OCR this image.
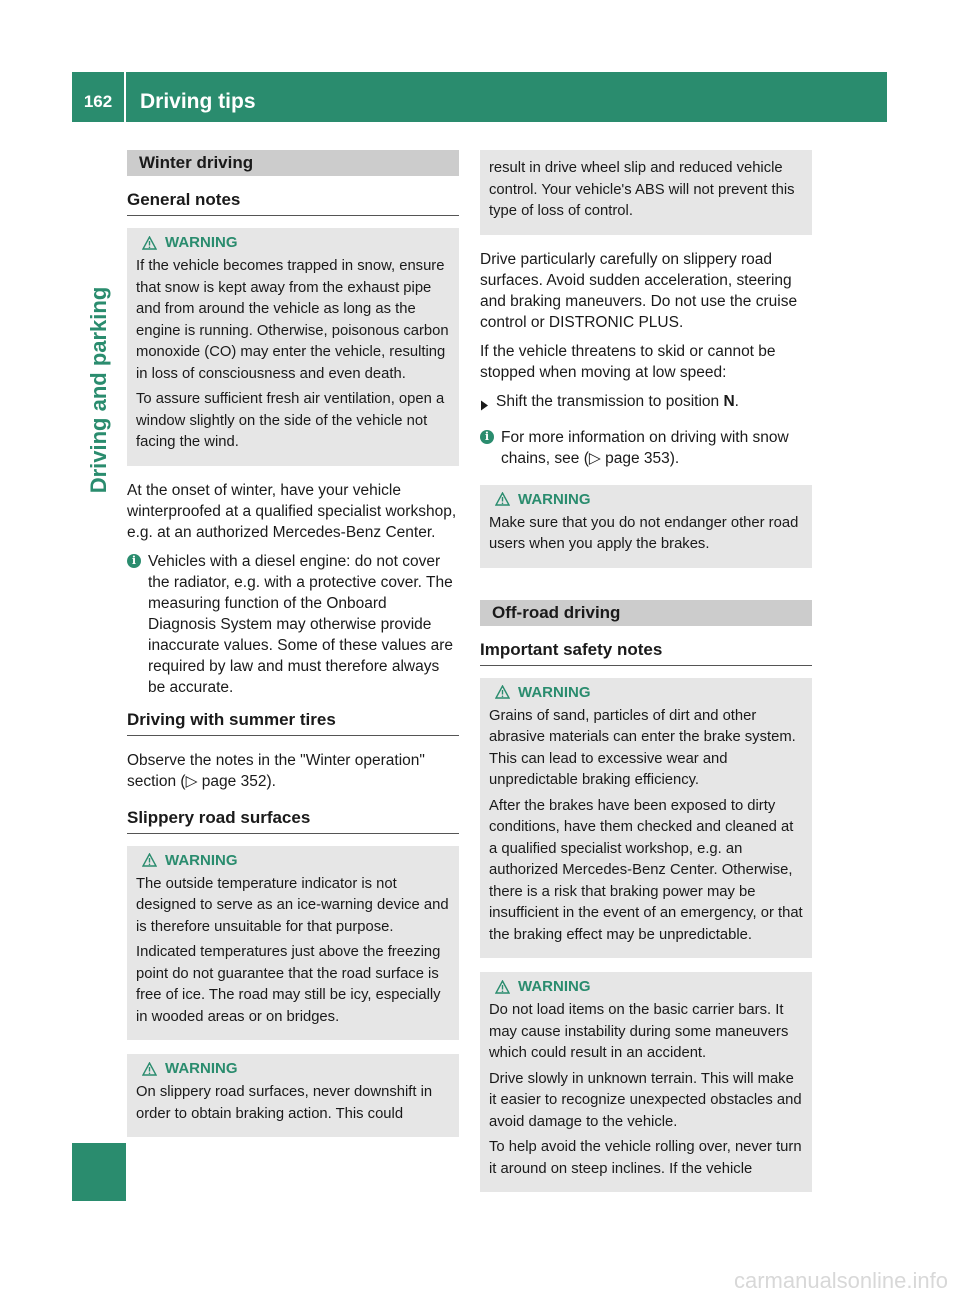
162	Driving tips
Driving and parking
Winter driving
General notes
WARNING

If the vehicle becomes trapped in snow, ensure that snow is kept away from the exhaust pipe and from around the vehicle as long as the engine is running. Otherwise, poisonous carbon monoxide (CO) may enter the vehicle, resulting in loss of consciousness and even death.

To assure sufficient fresh air ventilation, open a window slightly on the side of the vehicle not facing the wind.

At the onset of winter, have your vehicle winterproofed at a qualified specialist workshop, e.g. at an authorized Mercedes-Benz Center.

i Vehicles with a diesel engine: do not cover the radiator, e.g. with a protective cover. The measuring function of the Onboard Diagnosis System may otherwise provide inaccurate values. Some of these values are required by law and must therefore always be accurate.
Driving with summer tires

Observe the notes in the "Winter operation" section (▷ page 352).

Slippery road surfaces
WARNING

The outside temperature indicator is not designed to serve as an ice-warning device and is therefore unsuitable for that purpose.

Indicated temperatures just above the freezing point do not guarantee that the road surface is free of ice. The road may still be icy, especially in wooded areas or on bridges.

WARNING

On slippery road surfaces, never downshift in order to obtain braking action. This could

result in drive wheel slip and reduced vehicle control. Your vehicle's ABS will not prevent this type of loss of control.

Drive particularly carefully on slippery road surfaces. Avoid sudden acceleration, steering and braking maneuvers. Do not use the cruise control or DISTRONIC PLUS.

If the vehicle threatens to skid or cannot be stopped when moving at low speed:

Shift the transmission to position N.
i For more information on driving with snow chains, see (▷ page 353).
WARNING

Make sure that you do not endanger other road users when you apply the brakes.

Off-road driving
Important safety notes
WARNING

Grains of sand, particles of dirt and other abrasive materials can enter the brake system. This can lead to excessive wear and unpredictable braking efficiency.

After the brakes have been exposed to dirty conditions, have them checked and cleaned at a qualified specialist workshop, e.g. an authorized Mercedes-Benz Center. Otherwise, there is a risk that braking power may be insufficient in the event of an emergency, or that the braking effect may be unpredictable.

WARNING

Do not load items on the basic carrier bars. It may cause instability during some maneuvers which could result in an accident.

Drive slowly in unknown terrain. This will make it easier to recognize unexpected obstacles and avoid damage to the vehicle.

To help avoid the vehicle rolling over, never turn it around on steep inclines. If the vehicle

carmanualsonline.info
